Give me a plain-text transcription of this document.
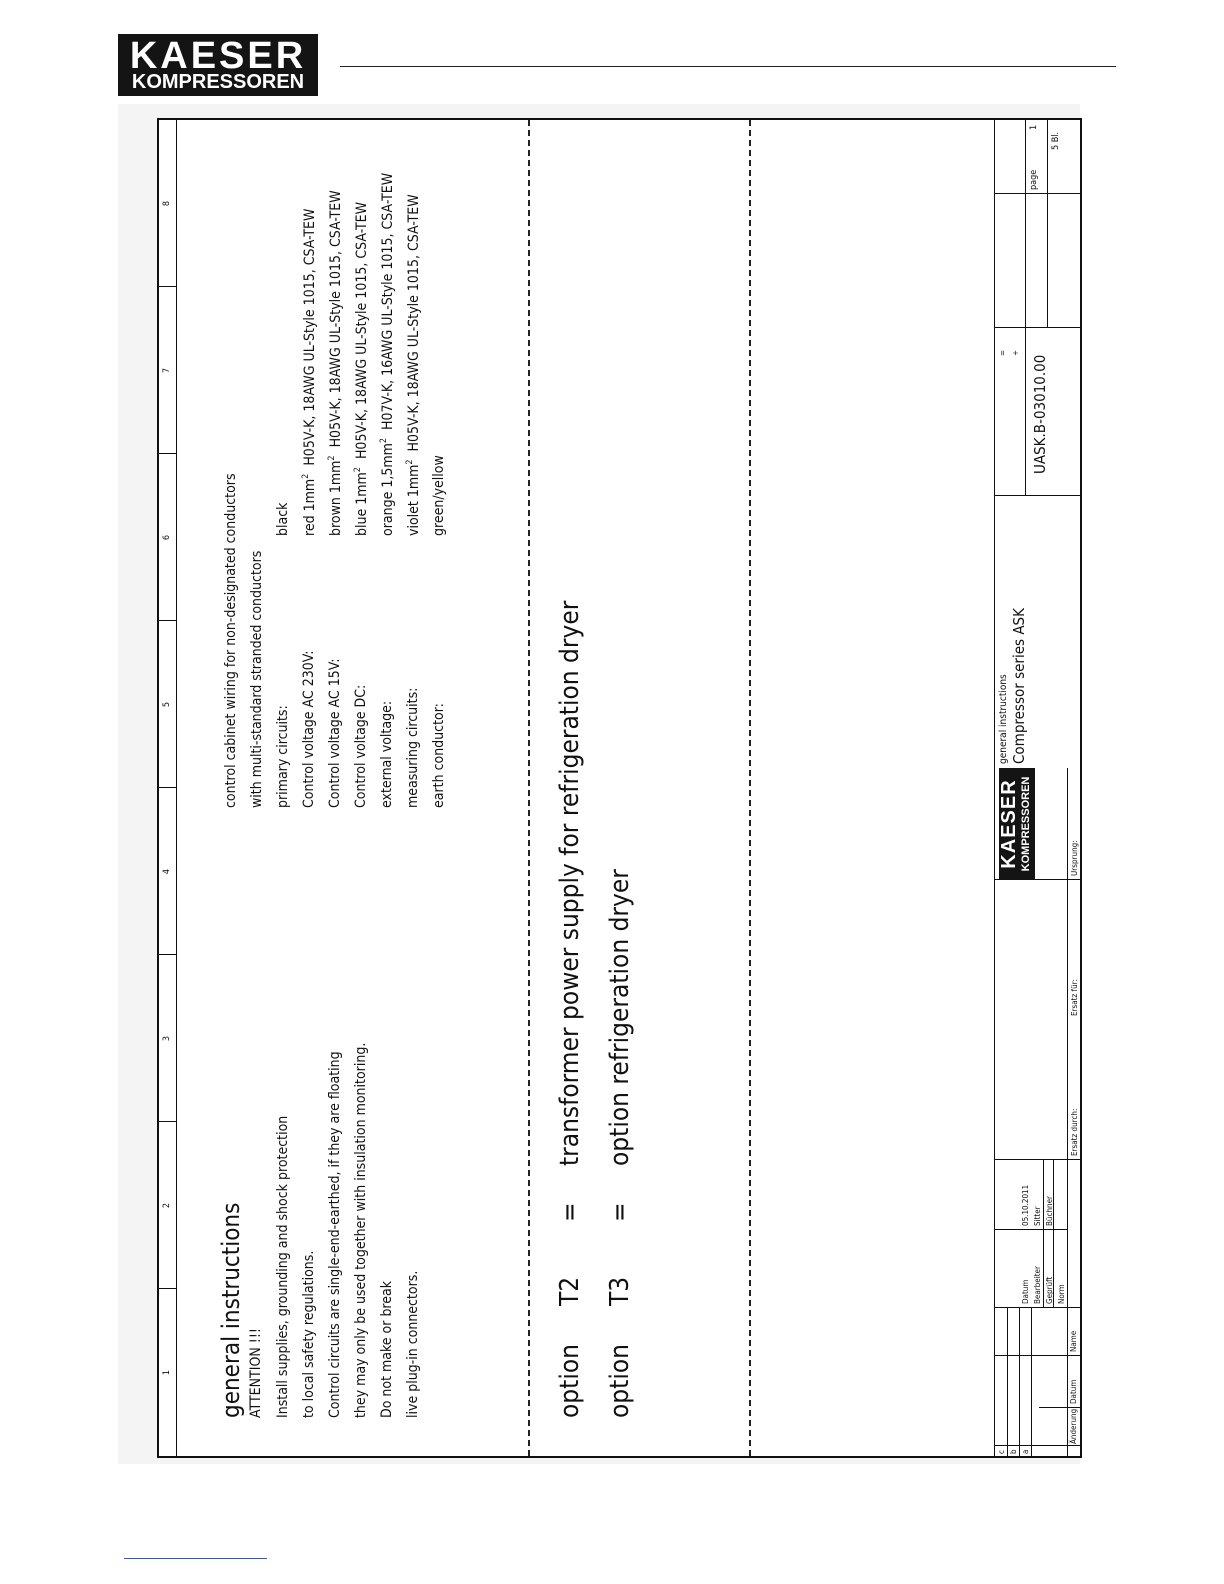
KAESER
KOMPRESSOREN
1
2
3
4
5
6
7
8
general instructions ATTENTION !!! Install supplies, grounding and shock protection to local safety regulations. Control circuits are single-end-earthed, if they are floating they may only be used together with insulation monitoring. Do not make or break live plug-in connectors.
control cabinet wiring for non-designated conductors with multi-standard stranded conductors primary circuits:
black
Control voltage AC 230V:
red $1mm^2$  H05V-K, 18AWG UL-Style 1015, CSA-TEW
Control voltage AC 15V:
brown $1mm^2$  H05V-K, 18AWG UL-Style 1015, CSA-TEW
Control voltage DC:
blue $1mm^2$  H05V-K, 18AWG UL-Style 1015, CSA-TEW
external voltage:
orange $1,5mm^2$  H07V-K, 16AWG UL-Style 1015, CSA-TEW
measuring circuits:
violet $1mm^2$  H05V-K, 18AWG UL-Style 1015, CSA-TEW
earth conductor:
green/yellow
option
T2
=
transformer power supply for refrigeration dryer
option
T3
=
option refrigeration dryer
c b a
Änderung
Datum
Name
Datum Bearbeiter Geprüft Norm
05.10.2011 Sitter Büchner
Ersatz durch:
Ersatz für:
Ursprung:
KAESER KOMPRESSOREN
general instructions Compressor series ASK
= +
UASK.B-03010.00
page
1
5 Bl.
